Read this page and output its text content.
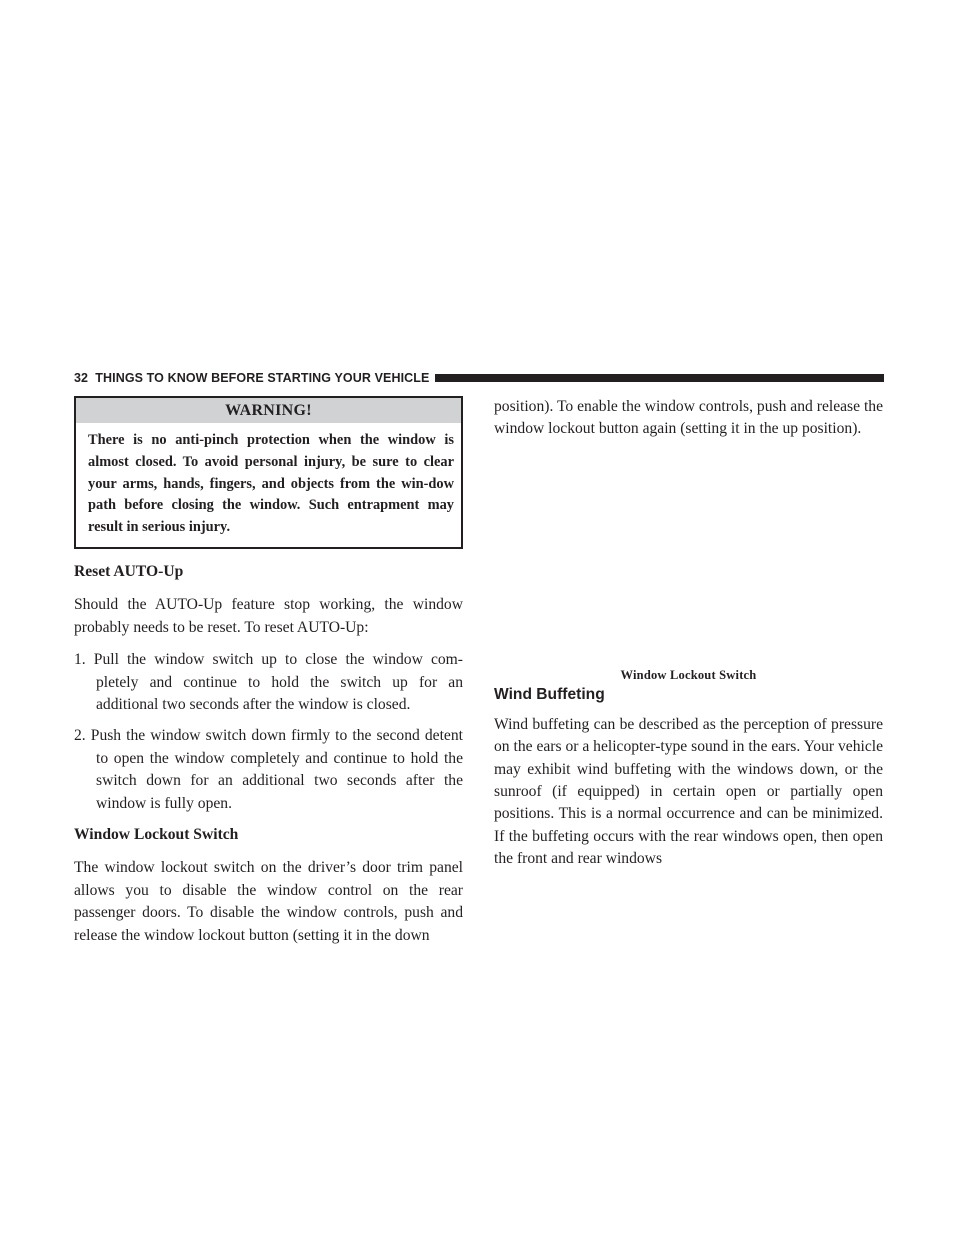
32 THINGS TO KNOW BEFORE STARTING YOUR VEHICLE
WARNING!
There is no anti-pinch protection when the window is almost closed. To avoid personal injury, be sure to clear your arms, hands, fingers, and objects from the win-dow path before closing the window. Such entrapment may result in serious injury.
Reset AUTO-Up

Should the AUTO-Up feature stop working, the window probably needs to be reset. To reset AUTO-Up:

1. Pull the window switch up to close the window com-pletely and continue to hold the switch up for an additional two seconds after the window is closed.
2. Push the window switch down firmly to the second detent to open the window completely and continue to hold the switch down for an additional two seconds after the window is fully open.
Window Lockout Switch

The window lockout switch on the driver’s door trim panel allows you to disable the window control on the rear passenger doors. To disable the window controls, push and release the window lockout button (setting it in the down

position). To enable the window controls, push and release the window lockout button again (setting it in the up position).

Window Lockout Switch
Wind Buffeting

Wind buffeting can be described as the perception of pressure on the ears or a helicopter-type sound in the ears. Your vehicle may exhibit wind buffeting with the windows down, or the sunroof (if equipped) in certain open or partially open positions. This is a normal occurrence and can be minimized. If the buffeting occurs with the rear windows open, then open the front and rear windows
